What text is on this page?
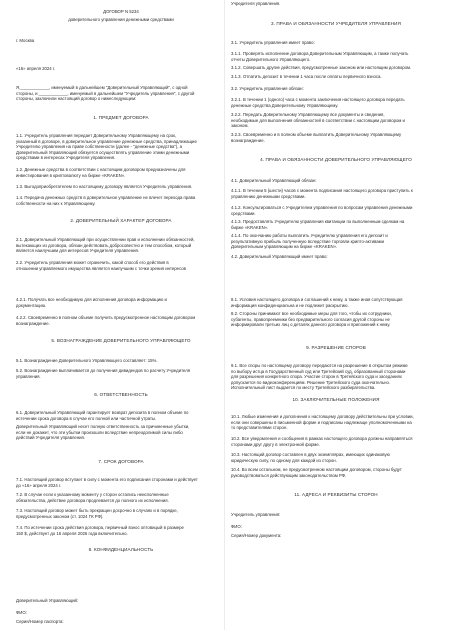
ДОГОВОР N 5234
доверительного управления денежными средствами
г. Москва
«16» апреля 2024 г.
Я,____________, именуемый в дальнейшем "Доверительный Управляющий", с одной
стороны, и ____________, именуемый в дальнейшем "Учредитель управления", с другой
стороны, заключили настоящий договор о нижеследующем:
1. ПРЕДМЕТ ДОГОВОРА
1.1. Учредитель управления передает Доверительному Управляющему на срок,
указанный в договоре, в доверительное управление денежные средства, принадлежащие
Учредителю управления на праве собственности (далее - "денежные средства"), а
Доверительный Управляющий обязуется осуществлять управление этими денежными
средствами в интересах Учредителя управления.
1.2. Денежные средства в соответствии с настоящим договором предназначены для
инвестирования в криптовалюту на бирже «KRAKEN».
1.3. Выгодоприобретателем по настоящему договору является Учредитель управления.
1.4. Передача денежных средств в доверительное управление не влечет перехода права
собственности на них к Управляющему.
2. ДОВЕРИТЕЛЬНЫЙ ХАРАКТЕР ДОГОВОРА
2.1. Доверительный Управляющий при осуществлении прав и исполнении обязанностей,
вытекающих из договора, обязан действовать добросовестно и тем способом, который
является наилучшим для интересов Учредителя управления.
2.2. Учредитель управления может ограничить, какой способ его действия в
отношении управляемого имущества является наилучшим с точки зрения интересов
4.2.1. Получать все необходимую для исполнения договора информацию и
документацию.
4.2.2. Своевременно в полном объеме получить предусмотренное настоящим договором
вознаграждение.
5. ВОЗНАГРАЖДЕНИЕ ДОВЕРИТЕЛЬНОГО УПРАВЛЯЮЩЕГО
5.1. Вознаграждение Доверительного Управляющего составляет: 15%.
5.2. Вознаграждение выплачивается до получения дивидендов по расчету Учредителя
управления.
6. ОТВЕТСТВЕННОСТЬ
6.1. Доверительный Управляющий гарантирует возврат депозита в полном объеме по
истечении срока договора в случае его полной или частичной утраты.
Доверительный Управляющий несет полную ответственность за причиненные убытки,
если не докажет, что эти убытки произошли вследствие непреодолимой силы либо
действий Учредителя управления.
7. СРОК ДОГОВОРА
7.1. Настоящий договор вступает в силу с момента его подписания сторонами и действует
до «16» апреля 2024 г.
7.2. В случае если к указанному моменту у сторон остались неисполненные
обязательства, действие договора продлевается до полного их исполнения.
7.3. Настоящий договор может быть прекращен досрочно в случаях и в порядке,
предусмотренных законом (ст. 1024 ГК РФ).
7.4. По истечении срока действия договора, первичный взнос оптовицый в размере
150 $, действует до 16 апреля 2026 года включительно.
8. КОНФИДЕНЦИАЛЬНОСТЬ
Доверительный Управляющий:
ФИО:
Серия/Номер паспорта:
Учредителя управления.
3. ПРАВА И ОБЯЗАННОСТИ УЧРЕДИТЕЛЯ УПРАВЛЕНИЯ
3.1. Учредитель управления имеет право:
3.1.1. Проверять исполнение договора Доверительным Управляющим, а также получать
отчеты Доверительного Управляющего.
3.1.2. Совершать другие действия, предусмотренные законом или настоящим договором.
3.1.3. Отпатить депозит в течении 1 часа после оплаты первичного взноса.
3.2. Учредитель управления обязан:
3.2.1. В течении 1 (одного) часа с момента заключения настоящего договора передать
денежные средства Доверительному Управляющему.
3.2.2. Передать Доверительному Управляющему все документы и сведения,
необходимые для выполнения обязанностей в соответствии с настоящим договором и
законом.
3.2.3. Своевременно и в полном объеме выплатить Доверительному Управляющему
вознаграждение.
4. ПРАВА И ОБЯЗАННОСТИ ДОВЕРИТЕЛЬНОГО УПРАВЛЯЮЩЕГО
4.1. Доверительный Управляющий обязан:
4.1.1. В течении 5 (шести) часов с момента подписания настоящего договора приступить к
управлению денежными средствами.
4.1.2. Консультироваться с Учредителем управления по вопросам управления денежными
средствами.
4.1.3. Предоставлять Учредителю управления квитанции по выполненным сделкам на
бирже «KRAKEN».
4.1.4. По окончанию работы выплатить Учредителю управления его депозит и
результативную прибыль полученную вследствие торговли крипто-активами
Доверительным управляющим на бирже «KRAKEN».
4.2. Доверительный Управляющий имеет право:
8.1. Условия настоящего договора и соглашений к нему, а также иная сопутствующая
информация конфиденциальна и не подлежит раскрытию.
8.2. Стороны принимают все необходимые меры для того, чтобы их сотрудники,
субагенты, правопреемники без предварительного согласия другой стороны не
информировали третьих лиц о деталях данного договора и приложений к нему.
9. РАЗРЕШЕНИЕ СПОРОВ
9.1. Все споры по настоящему договору передаются на разрешение в открытом режиме
по выбору истца в Государственный суд или Третейский суд, образованный сторонами
для разрешения конкретного спора. Участие сторон в Третейского суда и заседаниях
допускается по видеоконференциям. Решение Третейского суда окончательно.
Исполнительный лист выдается по месту Третейского разбирательства.
10. ЗАКЛЮЧИТЕЛЬНЫЕ ПОЛОЖЕНИЯ
10.1. Любые изменения и дополнения к настоящему договору действительны при условии,
если они совершены в письменной форме и подписаны надлежаще уполномоченными на
то представителями сторон.
10.2. Все уведомления и сообщения в рамках настоящего договора должны направляться
сторонами друг другу в электронной форме.
10.3. Настоящий договор составлен в двух экземплярах, имеющих одинаковую
юридическую силу, по одному для каждой из сторон.
10.4. Во всем остальном, не предусмотренном настоящим договором, стороны будут
руководствоваться действующим законодательством РФ.
11. АДРЕСА И РЕКВИЗИТЫ СТОРОН
Учредитель управления:
ФИО:
Серия/Номер документа:
